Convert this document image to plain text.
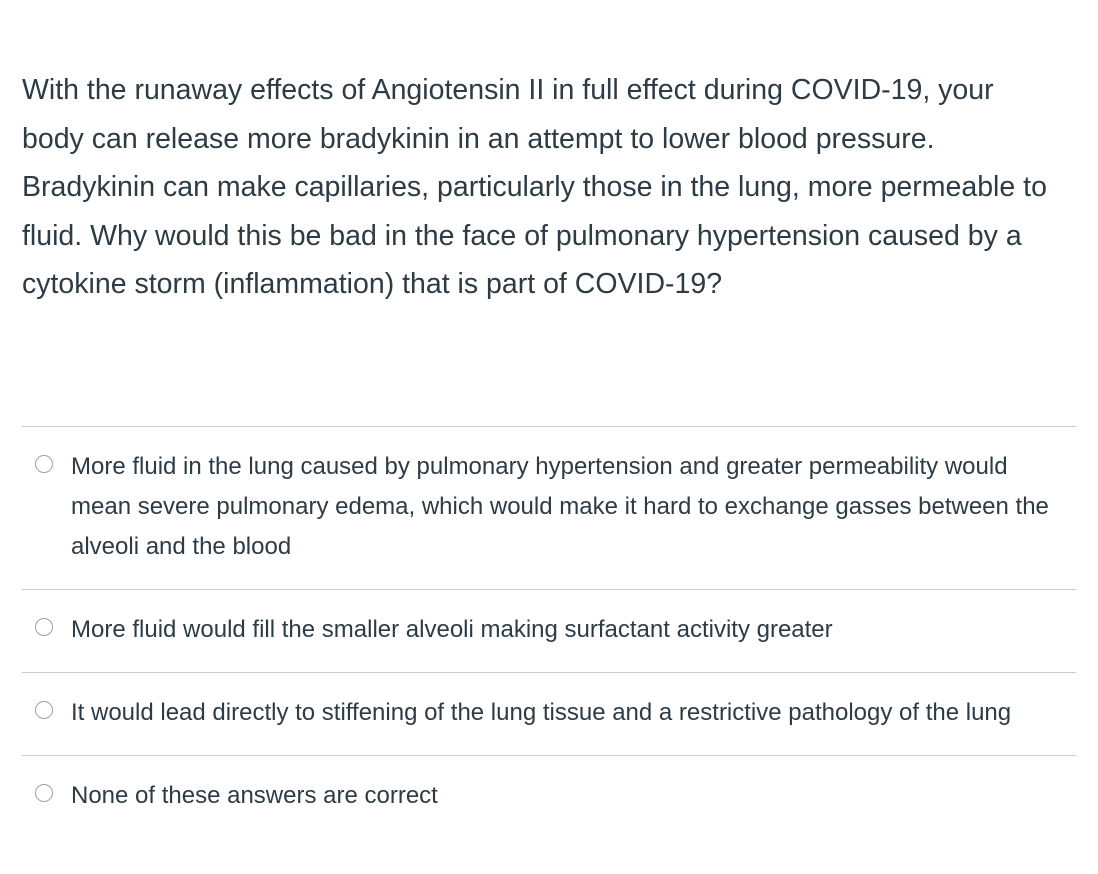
With the runaway effects of Angiotensin II in full effect during COVID-19, your body can release more bradykinin in an attempt to lower blood pressure. Bradykinin can make capillaries, particularly those in the lung, more permeable to fluid. Why would this be bad in the face of pulmonary hypertension caused by a cytokine storm (inflammation) that is part of COVID-19?

More fluid in the lung caused by pulmonary hypertension and greater permeability would mean severe pulmonary edema, which would make it hard to exchange gasses between the alveoli and the blood
More fluid would fill the smaller alveoli making surfactant activity greater
It would lead directly to stiffening of the lung tissue and a restrictive pathology of the lung
None of these answers are correct
